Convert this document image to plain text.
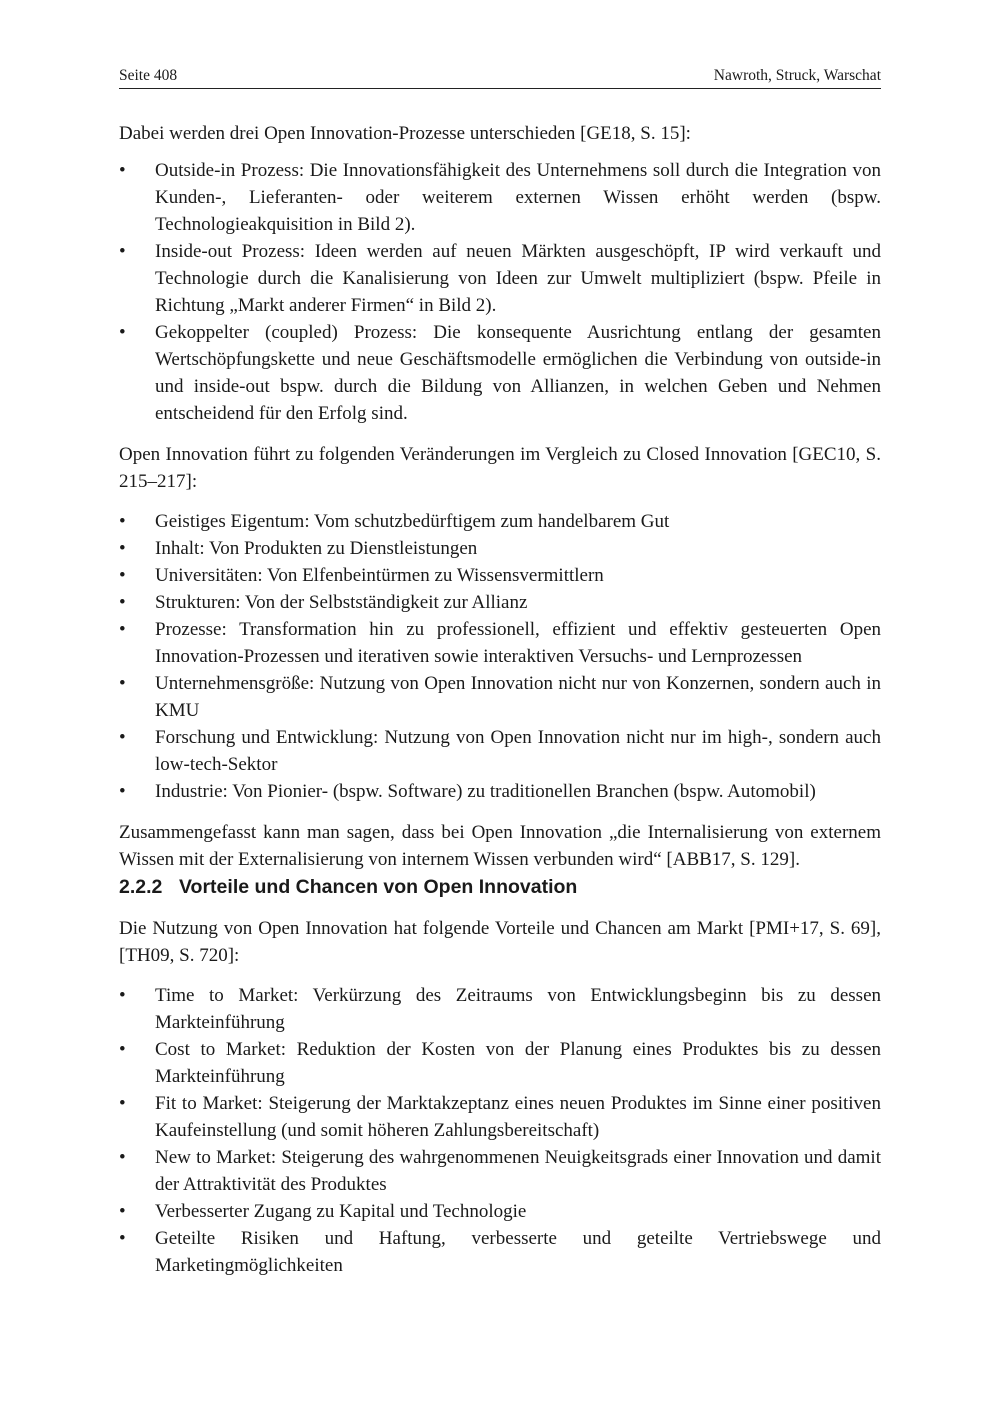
Seite 408	Nawroth, Struck, Warschat

Dabei werden drei Open Innovation-Prozesse unterschieden [GE18, S. 15]:

• Outside-in Prozess: Die Innovationsfähigkeit des Unternehmens soll durch die Integration von Kunden-, Lieferanten- oder weiterem externen Wissen erhöht werden (bspw. Technologieakquisition in Bild 2).
• Inside-out Prozess: Ideen werden auf neuen Märkten ausgeschöpft, IP wird verkauft und Technologie durch die Kanalisierung von Ideen zur Umwelt multipliziert (bspw. Pfeile in Richtung „Markt anderer Firmen“ in Bild 2).
• Gekoppelter (coupled) Prozess: Die konsequente Ausrichtung entlang der gesamten Wertschöpfungskette und neue Geschäftsmodelle ermöglichen die Verbindung von outside-in und inside-out bspw. durch die Bildung von Allianzen, in welchen Geben und Nehmen entscheidend für den Erfolg sind.

Open Innovation führt zu folgenden Veränderungen im Vergleich zu Closed Innovation [GEC10, S. 215–217]:

• Geistiges Eigentum: Vom schutzbedürftigem zum handelbarem Gut
• Inhalt: Von Produkten zu Dienstleistungen
• Universitäten: Von Elfenbeintürmen zu Wissensvermittlern
• Strukturen: Von der Selbstständigkeit zur Allianz
• Prozesse: Transformation hin zu professionell, effizient und effektiv gesteuerten Open Innovation-Prozessen und iterativen sowie interaktiven Versuchs- und Lernprozessen
• Unternehmensgröße: Nutzung von Open Innovation nicht nur von Konzernen, sondern auch in KMU
• Forschung und Entwicklung: Nutzung von Open Innovation nicht nur im high-, sondern auch low-tech-Sektor
• Industrie: Von Pionier- (bspw. Software) zu traditionellen Branchen (bspw. Automobil)

Zusammengefasst kann man sagen, dass bei Open Innovation „die Internalisierung von externem Wissen mit der Externalisierung von internem Wissen verbunden wird“ [ABB17, S. 129].

2.2.2 Vorteile und Chancen von Open Innovation

Die Nutzung von Open Innovation hat folgende Vorteile und Chancen am Markt [PMI+17, S. 69], [TH09, S. 720]:

• Time to Market: Verkürzung des Zeitraums von Entwicklungsbeginn bis zu dessen Markteinführung
• Cost to Market: Reduktion der Kosten von der Planung eines Produktes bis zu dessen Markteinführung
• Fit to Market: Steigerung der Marktakzeptanz eines neuen Produktes im Sinne einer positiven Kaufeinstellung (und somit höheren Zahlungsbereitschaft)
• New to Market: Steigerung des wahrgenommenen Neuigkeitsgrads einer Innovation und damit der Attraktivität des Produktes
• Verbesserter Zugang zu Kapital und Technologie
• Geteilte Risiken und Haftung, verbesserte und geteilte Vertriebswege und Marketingmöglichkeiten
